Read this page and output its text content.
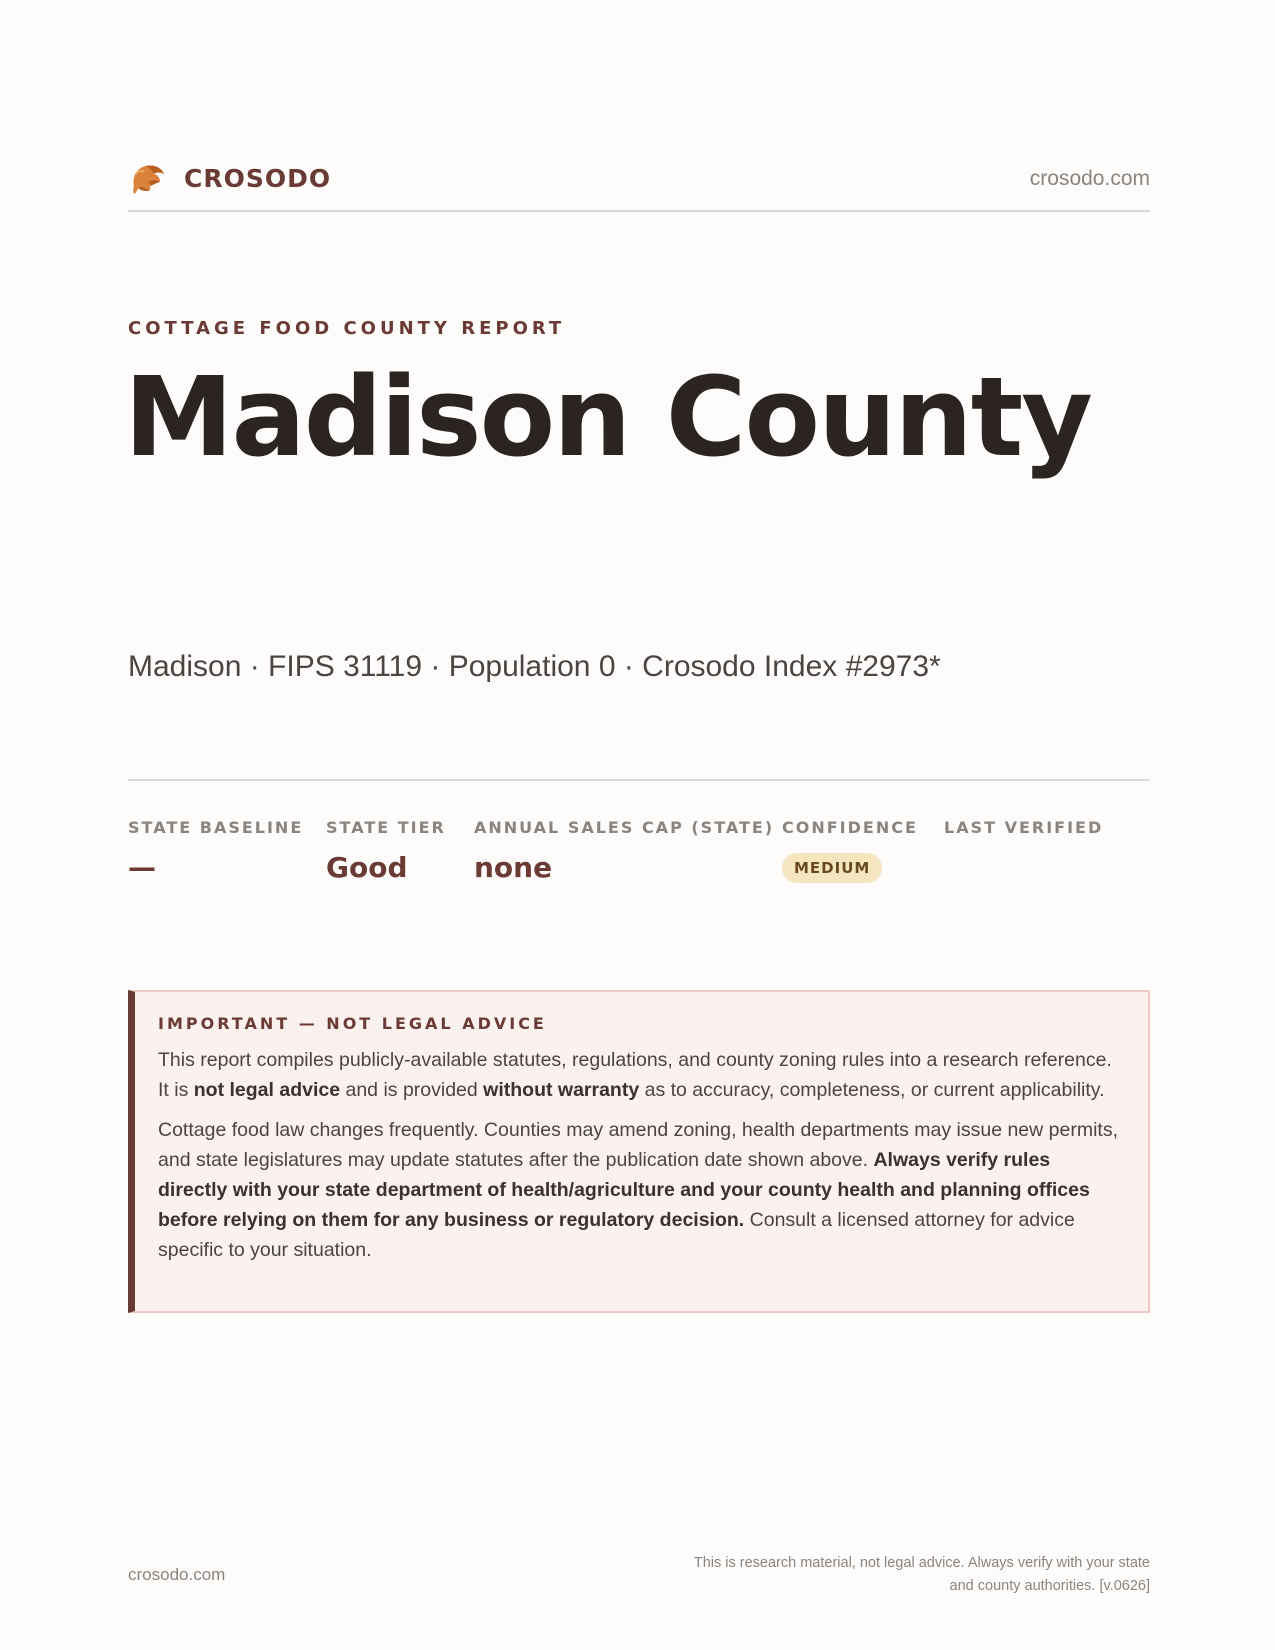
CROSODO	crosodo.com
COTTAGE FOOD COUNTY REPORT
Madison County
Madison · FIPS 31119 · Population 0 · Crosodo Index #2973*
STATE BASELINE
—
STATE TIER
Good
ANNUAL SALES CAP (STATE)
none
CONFIDENCE
MEDIUM
LAST VERIFIED
IMPORTANT — NOT LEGAL ADVICE

This report compiles publicly-available statutes, regulations, and county zoning rules into a research reference. It is not legal advice and is provided without warranty as to accuracy, completeness, or current applicability.

Cottage food law changes frequently. Counties may amend zoning, health departments may issue new permits, and state legislatures may update statutes after the publication date shown above. Always verify rules directly with your state department of health/agriculture and your county health and planning offices before relying on them for any business or regulatory decision. Consult a licensed attorney for advice specific to your situation.

crosodo.com
This is research material, not legal advice. Always verify with your state
and county authorities. [v.0626]
